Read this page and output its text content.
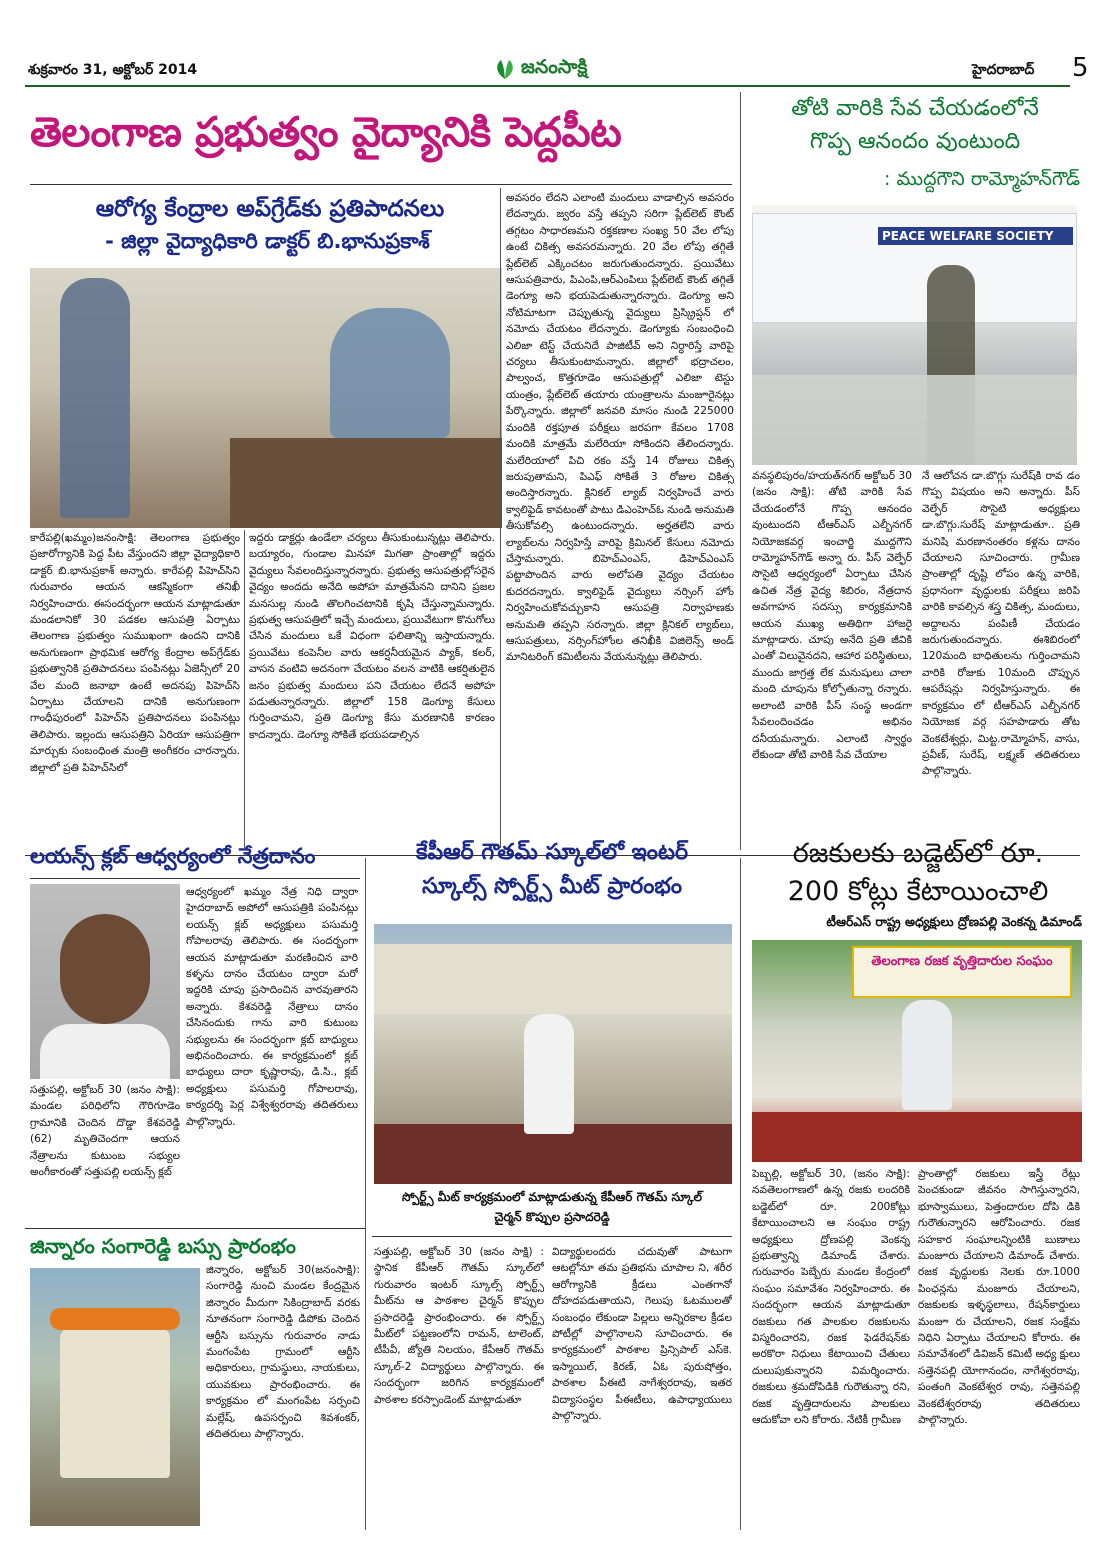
శుక్రవారం 31, అక్టోబర్ 2014	జనంసాక్షి	హైదరాబాద్ 5
తెలంగాణ ప్రభుత్వం వైద్యానికి పెద్దపీట
ఆరోగ్య కేంద్రాల అప్‌గ్రేడ్‌కు ప్రతిపాదనలు
- జిల్లా వైద్యాధికారి డాక్టర్ బి.భానుప్రకాశ్
కారేపల్లి(ఖమ్మం)జనంసాక్షి: తెలంగాణ ప్రభుత్వం ప్రజారోగ్యానికి పెద్ద పీట వేస్తుందని జిల్లా వైద్యాధికారి డాక్టర్ బి.భానుప్రకాశ్ అన్నారు. కారేపల్లి పిహెచ్‌సిని గురువారం ఆయన ఆకస్మికంగా తనిఖీ నిర్వహించారు. ఈసందర్భంగా ఆయన మాట్లాడుతూ మండలానికో 30 పడకల ఆసుపత్రి ఏర్పాటు తెలంగాణ ప్రభుత్వం సుముఖంగా ఉందని దానికి అనుగుణంగా ప్రాథమిక ఆరోగ్య కేంద్రాల అప్‌గ్రేడ్‌కు ప్రభుత్వానికి ప్రతిపాదనలు పంపినట్లు ఏజెన్సీలో 20 వేల మంది జనాభా ఉంటే అదనపు పిహెచ్‌సి ఏర్పాటు చేయాలని దానికి అనుగుణంగా గాంధీపురంలో పిహెచ్‌సి ప్రతిపాదనలు పంపినట్లు తెలిపారు. ఇల్లందు ఆసుపత్రిని ఏరియా ఆసుపత్రిగా మార్చుకు సంబంధింత మంత్రి అంగీకరం చారన్నారు. జిల్లాలో ప్రతి పిహెచ్‌సిలో
ఇద్దరు డాక్టర్లు ఉండేలా చర్యలు తీసుకుంటున్నట్లు తెలిపారు. బయ్యారం, గుండాల మినహా మిగతా ప్రాంతాల్లో ఇద్దరు వైద్యులు సేవలందిస్తున్నారన్నారు. ప్రభుత్వ ఆసుపత్రుల్లోసరైన వైద్యం అందదు అనేది అపోహ మాత్రమేనని దానిని ప్రజల మనసుల్ల నుండి తొలగించటానికి కృషి చేస్తున్నామన్నారు. ప్రభుత్వ ఆసుపత్రిలో ఇచ్చే మందులు, ప్రయివేటుగా కొనుగోలు చేసిన మందులు ఒకే విధంగా ఫలితాన్ని ఇస్తాయన్నారు. ప్రయివేటు కంపెనీల వారు ఆకర్షనీయమైన ప్యాక్, కలర్, వాసన వంటివి అదనంగా చేయటం వలన వాటికి ఆకర్షితులైన జనం ప్రభుత్వ మందులు పని చేయటం లేదనే అపోహ పడుతున్నారన్నారు. జిల్లాలో 158 డెంగ్యూ కేసులు గుర్తించామని, ప్రతి డెంగ్యూ కేసు మరణానికి కారణం కాదన్నారు. డెంగ్యూ సోకితే భయపడాల్సిన
అవసరం లేదని ఎలాంటి మందులు వాడాల్సిన అవసరం లేదన్నారు. జ్వరం వస్తే తప్పని సరిగా ప్లేట్‌లెట్ కౌంట్ తగ్గటం సాధారణమని రక్తకణాల సంఖ్య 50 వేల లోపు ఉంటే చికిత్స అవసరమన్నారు. 20 వేల లోపు తగ్గితే ప్లేట్‌లెట్ ఎక్కించటం జరుగుతుందన్నారు. ప్రయివేటు ఆసుపత్రివారు, పిఎంపి,ఆర్ఎంపిలు ప్లేట్‌లెట్ కౌంట్ తగ్గితే డెంగ్యూ అని భయపెడుతున్నారన్నారు. డెంగ్యూ అని నోటిమాటగా చెప్పుతున్న వైద్యులు ప్రిస్క్రిప్షన్ లో నమోదు చేయటం లేదన్నారు. డెంగ్యూకు సంబంధించి ఎలిజా టెస్ట్ చేయనిదే పాజిటీవ్ అని నిర్ధారిస్తే వారిపై చర్యలు తీసుకుంటామన్నారు. జిల్లాలో భద్రాచలం, పాల్వంచ, కొత్తగూడెం ఆసుపత్రుల్లో ఎలిజా టెస్టు యంత్రం, ప్లేట్‌లెట్ తయారు యంత్రాలను మంజూరైనట్లు పేర్కొన్నారు. జిల్లాలో జనవరి మాసం నుండి 225000 మందికి రక్తపూత పరీక్షలు జరపగా కేవలం 1708 మందికి మాత్రమే మలేరియా సోకిందని తేలిందన్నారు. మలేరియాలో పిచి రకం వస్తే 14 రోజులు చికిత్స జరుపుతామని, పిఎఫ్ సోకితే 3 రోజుల చికిత్స అందిస్తారన్నారు. క్లినికల్ ల్యాబ్ నిర్వహించే వారు క్వాలిఫైడ్ కావటంతో పాటు డిఎంహెచ్ఓ నుండి అనుమతి తీసుకోవల్సి ఉంటుందన్నారు. అర్హతలేని వారు ల్యాబ్‌లను నిర్వహిస్తే వారిపై క్రిమినల్ కేసులు నమోదు చేస్తామన్నారు. బిహెచ్ఎంఎస్, డిహెచ్ఎంఎస్ పట్టాపొందిన వారు అలోపతి వైద్యం చేయటం కుదరదన్నారు. క్వాలిఫైడ్ వైద్యులు నర్సింగ్ హోం నిర్వహించుకోవచ్చుకాని ఆసుపత్రి నిర్వాహణకు అనుమతి తప్పని సరన్నారు. జిల్లా క్లినికల్ ల్యాబ్‌లు, ఆసుపత్రులు, నర్సింగ్‌హోంల తనిఖీకి విజిలెన్స్ అండ్ మానిటరింగ్ కమిటీలను వేయనున్నట్లు తెలిపారు.
తోటి వారికి సేవ చేయడంలోనే
గొప్ప ఆనందం వుంటుంది
: ముద్దగౌని రామ్మోహన్‌గౌడ్
PEACE WELFARE SOCIETY
వనస్థలిపురం/హయత్‌నగర్ అక్టోబర్ 30 (జనం సాక్షి): తోటి వారికి సేవ చేయడంలోనే గొప్ప ఆనందం వుంటుందని టీఆర్ఎస్ ఎల్బీనగర్ నియోజకవర్గ ఇంచార్జి ముద్దగౌని రామ్మోహన్‌గౌడ్ అన్నా రు. పీస్ వెల్ఫేర్ సొసైటి ఆధ్వర్యంలో ఏర్పాటు చేసిన ఉచిత నేత్ర వైద్య శిబిరం, నేత్రదాన అవగాహన సదస్సు కార్యక్రమానికి ఆయన ముఖ్య అతిథిగా హాజరై మాట్లాడారు. చూపు అనేది ప్రతి జీవికి ఎంతో విలువైనదని, ఆహార పరిస్థితులు, ముందు జాగ్రత్త లేక మనుషులు చాలా మంది చూపును కోల్పోతున్నా రన్నారు. అలాంటి వారికి పీస్ సంస్థ అండగా సేవలందించడం అభినం దనీయమన్నారు. ఎలాంటి స్వార్థం లేకుండా తోటి వారికి సేవ చేయాల
నే ఆలోచన డా.బొగ్గు సురేష్‌కి రావ డం గొప్ప విషయం అని అన్నారు. పీస్ వెల్ఫేర్ సొసైటి అధ్యక్షులు డా.బొగ్గు.సురేష్ మాట్లాడుతూ.. ప్రతి మనిషి మరణానంతరం కళ్లను దానం చేయాలని సూచించారు. గ్రామీణ ప్రాంతాల్లో దృష్టి లోపం ఉన్న వారికి, ప్రధానంగా వృద్ధులకు పరీక్షలు జరిపి వారికి కావల్సిన శస్త్ర చికిత్స, మందులు, అద్దాలను పంపిణీ చేయడం జరుగుతుందన్నారు. ఈశిబిరంలో 120మంది బాధితులను గుర్తించామని వారికి రోజుకు 10మంది చొప్పున ఆపరేషన్లు నిర్వహిస్తున్నారు. ఈ కార్యక్రమం లో టీఆర్ఎస్ ఎల్బీనగర్ నియోజక వర్గ సహపాడారు తోట వెంకటేశ్వర్లు, మిట్ట.రామ్మోహన్, వాసు, ప్రవీణ్, సురేష్, లక్ష్మణ్ తదితరులు పాల్గొన్నారు.
లయన్స్ క్లబ్ ఆధ్వర్యంలో నేత్రదానం
సత్తుపల్లి, అక్టోబర్ 30 (జనం సాక్షి): మండల పరిధిలోని గౌరిగూడెం గ్రామానికి చెందిన దొడ్డా కేశవరెడ్డి (62) మృతిచెందగా ఆయన నేత్రాలను కుటుంబ సభ్యుల అంగీకారంతో సత్తుపల్లి లయన్స్ క్లబ్
ఆధ్వర్యంలో ఖమ్మం నేత్ర నిధి ద్వారా హైదరాబాద్ అపోలో ఆసుపత్రికి పంపినట్లు లయన్స్ క్లబ్ అధ్యక్షులు పసుమర్తి గోపాలరావు తెలిపారు. ఈ సందర్భంగా ఆయన మాట్లాడుతూ మరణించిన వారి కళ్ళను దానం చేయటం ద్వారా మరో ఇద్దరికి చూపు ప్రసాదించిన వారవుతారని అన్నారు. కేశవరెడ్డి నేత్రాలు దానం చేసినందుకు గాను వారి కుటుంబ సభ్యులను ఈ సందర్భంగా క్లబ్ బాధ్యులు అభినందించారు. ఈ కార్యక్రమంలో క్లబ్ బాధ్యులు దారా కృష్ణారావు, డి.సి., క్లబ్ అధ్యక్షులు పసుమర్తి గోపాలరావు, కార్యదర్శి పెర్ల విశ్వేశ్వరరావు తదితరులు పాల్గొన్నారు.
జిన్నారం సంగారెడ్డి బస్సు ప్రారంభం
జిన్నారం, అక్టోబర్ 30(జనంసాక్షి): సంగారెడ్డి నుంచి మండల కేంద్రమైన జిన్నారం మీదుగా సికింద్రాబాద్ వరకు నూతనంగా సంగారెడ్డి డిపోకు చెందిన ఆర్టీసి బస్సును గురువారం నాడు మంగంపేట గ్రామంలో ఆర్టీసి అధికారులు, గ్రామస్థులు, నాయకులు, యువకులు ప్రారంభించారు. ఈ కార్యక్రమం లో మంగంపేట సర్పంచి మల్లేష్, ఉపసర్పంచి శివశంకర్, తదితరులు పాల్గొన్నారు.
కేపీఆర్ గౌతమ్ స్కూల్‌లో ఇంటర్
స్కూల్స్ స్పోర్ట్స్ మీట్ ప్రారంభం
స్పోర్ట్స్ మీట్ కార్యక్రమంలో మాట్లాడుతున్న కేపీఆర్ గౌతమ్ స్కూల్
చైర్మన్ కొప్పుల ప్రసాదరెడ్డి
సత్తుపల్లి, అక్టోబర్ 30 (జనం సాక్షి) : స్థానిక కేపీఆర్ గౌతమ్ స్కూల్‌లో గురువారం ఇంటర్ స్కూల్స్ స్పోర్ట్స్ మీట్‌ను ఆ పాఠశాల చైర్మన్ కొప్పుల ప్రసాదరెడ్డి ప్రారంభించారు. ఈ స్పోర్ట్స్ మీట్‌లో పట్టణంలోని రామన్, టాలెంట్, టీపీవీ, జ్యోతి నిలయం, కేపీఆర్ గౌతమ్ స్కూల్-2 విద్యార్థులు పాల్గొన్నారు. ఈ సందర్భంగా జరిగిన కార్యక్రమంలో పాఠశాల కరస్పాండెంట్ మాట్లాడుతూ
విద్యార్థులందరు చదువుతో పాటుగా ఆటల్లోనూ తమ ప్రతిభను చూపాల ని, శరీర ఆరోగ్యానికి క్రీడలు ఎంతగానో దోహదపడుతాయని, గెలుపు ఓటములతో సంబంధం లేకుండా పిల్లలు అన్నిరకాల క్రీడల పోటీల్లో పాల్గొనాలని సూచించారు. ఈ కార్యక్రమంలో పాఠశాల ప్రిన్సిపాల్ ఎస్‌కె. ఇస్మాయిల్, కిరణ్, ఏఓ పురుషోత్తం, పాఠశాల పీఈటి నాగేశ్వరరావు, ఇతర విద్యాసంస్థల పీఈటీలు, ఉపాధ్యాయులు పాల్గొన్నారు.
రజకులకు బడ్జెట్‌లో రూ.
200 కోట్లు కేటాయించాలి
టీఆర్ఎస్ రాష్ట్ర అధ్యక్షులు ద్రోణపల్లి వెంకన్న డిమాండ్
తెలంగాణ రజక వృత్తిదారుల సంఘం
పెబ్బల్లి, అక్టోబర్ 30, (జనం సాక్షి): నవతెలంగాణలో ఉన్న రజకు లందరికి బడ్జెట్‌లో రూ. 200కోట్లు కేటాయించాలని ఆ సంఘం రాష్ట్ర అధ్యక్షులు ద్రోణపల్లి వెంకన్న ప్రభుత్వాన్ని డిమాండ్ చేశారు. గురువారం పెబ్బేరు మండల కేంద్రంలో సంఘం సమావేశం నిర్వహించారు. ఈ సందర్భంగా ఆయన మాట్లాడుతూ రజకులు గత పాలకుల రజకులను విస్మరించారని, రజక ఫెడరేషన్‌కు అరకొరా నిధులు కేటాయించి చేతులు దులుపుకున్నారని విమర్శించారు. రజకులు శ్రమదోపిడికి గురౌతున్నా రని, రజక వృత్తిదారులను పాలకులు ఆదుకోవా లని కోరారు. నేటికీ గ్రామీణ
ప్రాంతాల్లో రజకులు ఇస్త్రీ రేట్లు పెంచకుండా జీవనం సాగిస్తున్నారని, భూస్వాములు, పెత్తందారుల దోపి డికి గురౌతున్నారని ఆరోపించారు. రజక సహకార సంఘాలన్నింటికి బుణాలు మంజూరు చేయాలని డిమాండ్ చేశారు. రజక వృద్ధులకు నెలకు రూ.1000 పింఛన్లను మంజూరు చేయాలని, రజకులకు ఇళ్ళస్థలాలు, రేషన్‌కార్డులు మంజూ రు చేయాలని, రజక సంక్షేమ నిధిని ఏర్పాటు చేయాలని కోరారు. ఈ సమావేశంలో డివిజన్ కమిటీ అధ్య క్షులు సత్తెనపల్లి యోగానందం, నాగేశ్వరరావు, పంతంగి వెంకటేశ్వర రావు, సత్తెనపల్లి వెంకటేశ్వరరావు తదితరులు పాల్గొన్నారు.
